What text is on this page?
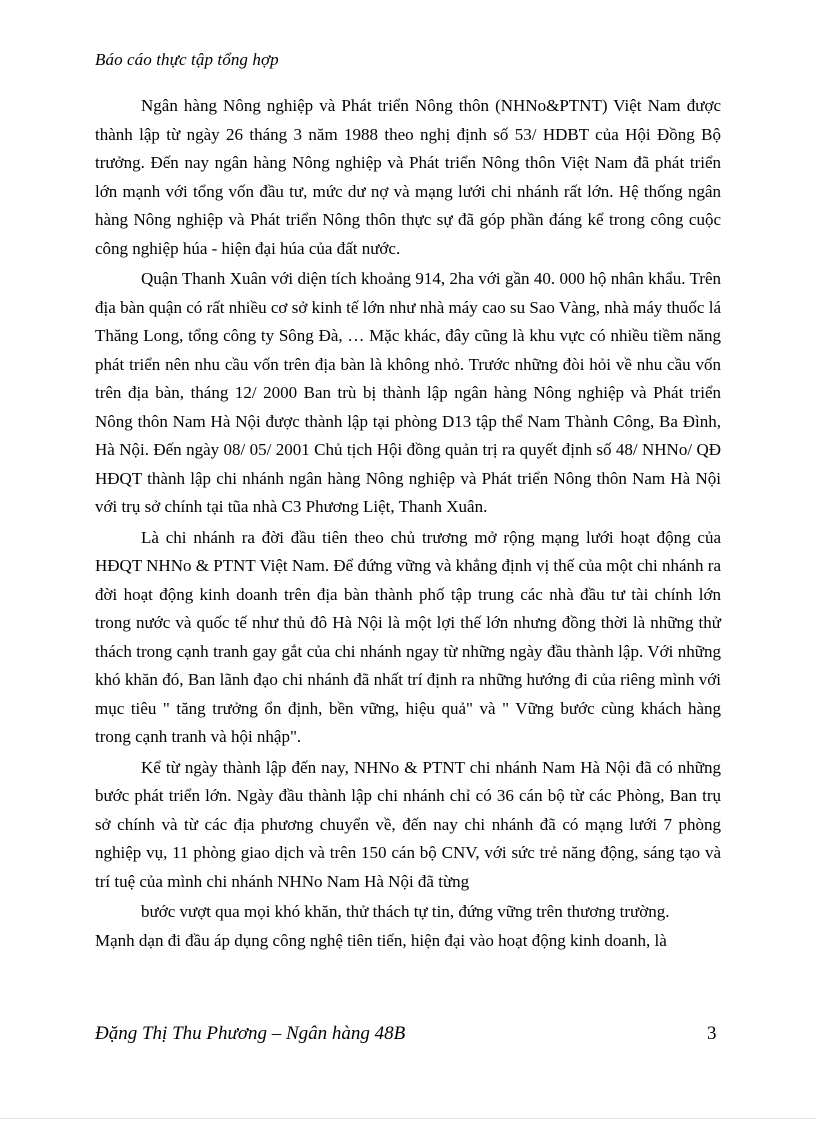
Báo cáo thực tập tổng hợp

Ngân hàng Nông nghiệp và Phát triển Nông thôn (NHNo&PTNT) Việt Nam được thành lập từ ngày 26 tháng 3 năm 1988 theo nghị định số 53/ HDBT của Hội Đồng Bộ trưởng. Đến nay ngân hàng Nông nghiệp và Phát triển Nông thôn Việt Nam đã phát triển lớn mạnh với tổng vốn đầu tư, mức dư nợ và mạng lưới chi nhánh rất lớn. Hệ thống ngân hàng Nông nghiệp và Phát triển Nông thôn thực sự đã góp phần đáng kể trong công cuộc công nghiệp húa - hiện đại húa của đất nước.

Quận Thanh Xuân với diện tích khoảng 914, 2ha với gần 40. 000 hộ nhân khẩu. Trên địa bàn quận có rất nhiều cơ sở kinh tế lớn như nhà máy cao su Sao Vàng, nhà máy thuốc lá Thăng Long, tổng công ty Sông Đà, … Mặc khác, đây cũng là khu vực có nhiều tiềm năng phát triển nên nhu cầu vốn trên địa bàn là không nhỏ. Trước những đòi hỏi về nhu cầu vốn trên địa bàn, tháng 12/ 2000 Ban trù bị thành lập ngân hàng Nông nghiệp và Phát triển Nông thôn Nam Hà Nội được thành lập tại phòng D13 tập thể Nam Thành Công, Ba Đình, Hà Nội. Đến ngày 08/ 05/ 2001 Chủ tịch Hội đồng quản trị ra quyết định số 48/ NHNo/ QĐ HĐQT thành lập chi nhánh ngân hàng Nông nghiệp và Phát triển Nông thôn Nam Hà Nội với trụ sở chính tại tũa nhà C3 Phương Liệt, Thanh Xuân.

Là chi nhánh ra đời đầu tiên theo chủ trương mở rộng mạng lưới hoạt động của HĐQT NHNo & PTNT Việt Nam. Để đứng vững và khẳng định vị thế của một chi nhánh ra đời hoạt động kinh doanh trên địa bàn thành phố tập trung các nhà đầu tư tài chính lớn trong nước và quốc tế như thủ đô Hà Nội là một lợi thế lớn nhưng đồng thời là những thử thách trong cạnh tranh gay gắt của chi nhánh ngay từ những ngày đầu thành lập. Với những khó khăn đó, Ban lãnh đạo chi nhánh đã nhất trí định ra những hướng đi của riêng mình với mục tiêu " tăng trưởng ổn định, bền vững, hiệu quả" và " Vững bước cùng khách hàng trong cạnh tranh và hội nhập".

Kể từ ngày thành lập đến nay, NHNo & PTNT chi nhánh Nam Hà Nội đã có những bước phát triển lớn. Ngày đầu thành lập chi nhánh chỉ có 36 cán bộ từ các Phòng, Ban trụ sở chính và từ các địa phương chuyển về, đến nay chi nhánh đã có mạng lưới 7 phòng nghiệp vụ, 11 phòng giao dịch và trên 150 cán bộ CNV, với sức trẻ năng động, sáng tạo và trí tuệ của mình chi nhánh NHNo Nam Hà Nội đã từng

bước vượt qua mọi khó khăn, thử thách tự tin, đứng vững trên thương trường.

Mạnh dạn đi đầu áp dụng công nghệ tiên tiến, hiện đại vào hoạt động kinh doanh, là

Đặng Thị Thu Phương – Ngân hàng 48B	3
